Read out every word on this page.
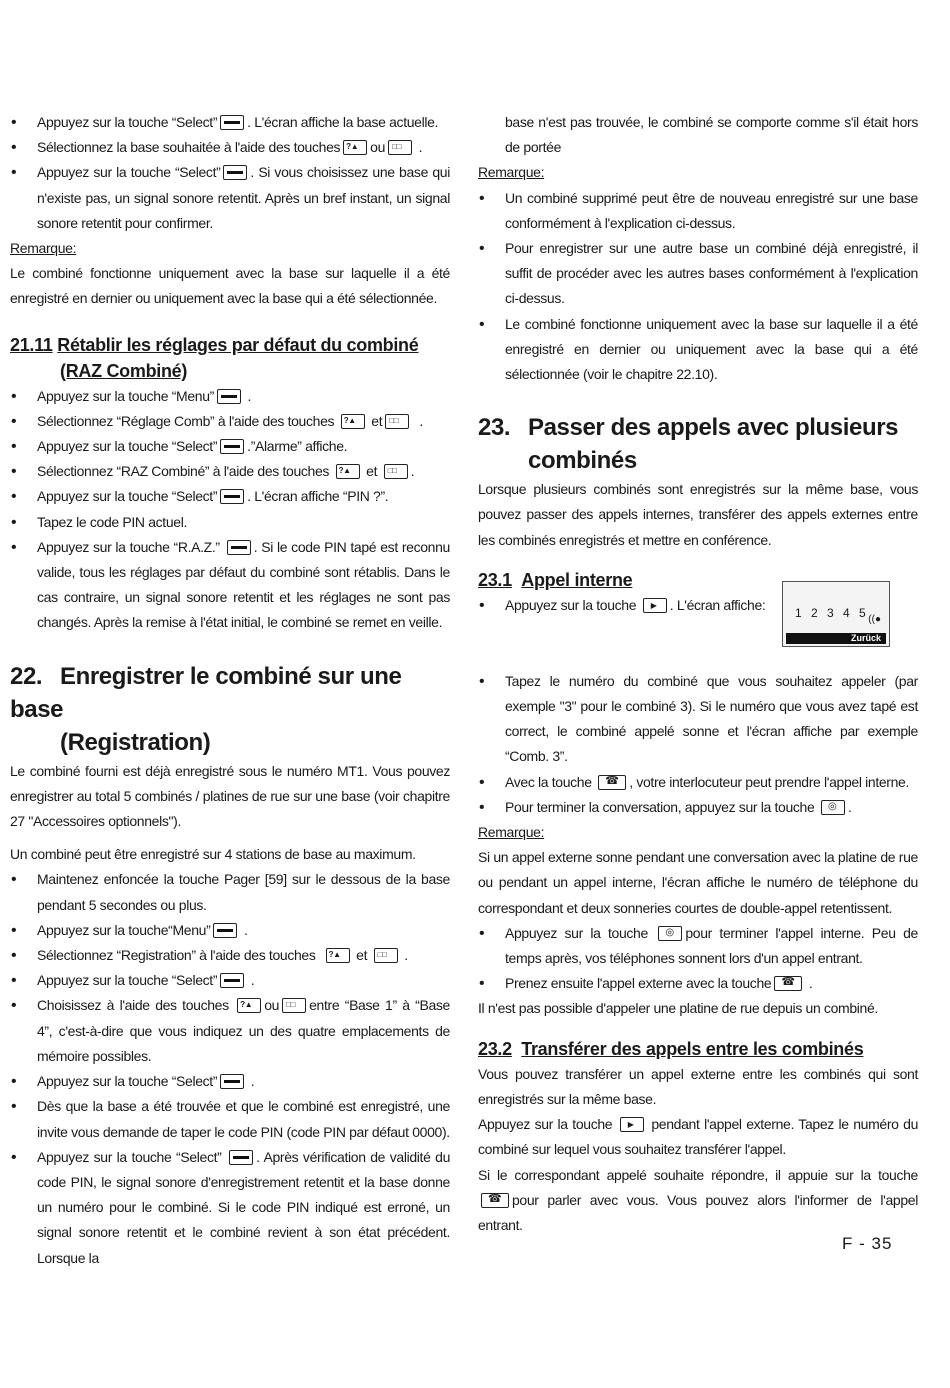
• Appuyez sur la touche “Select” . L'écran affiche la base actuelle.
• Sélectionnez la base souhaitée à l'aide des touches ?▲ ou□□ .
• Appuyez sur la touche “Select” . Si vous choisissez une base qui n'existe pas, un signal sonore retentit. Après un bref instant, un signal sonore retentit pour confirmer.
Remarque:
Le combiné fonctionne uniquement avec la base sur laquelle il a été enregistré en dernier ou uniquement avec la base qui a été sélectionnée.
21.11 Rétablir les réglages par défaut du combiné
(RAZ Combiné)
• Appuyez sur la touche “Menu” .
• Sélectionnez “Réglage Comb” à l'aide des touches ?▲	et□□	.
• Appuyez sur la touche “Select” .”Alarme” affiche.
• Sélectionnez “RAZ Combiné” à l'aide des touches ?▲	et □□ .
• Appuyez sur la touche “Select” . L'écran affiche “PIN ?”.
• Tapez le code PIN actuel.
• Appuyez sur la touche “R.A.Z.” . Si le code PIN tapé est reconnu valide, tous les réglages par défaut du combiné sont rétablis. Dans le cas contraire, un signal sonore retentit et les réglages ne sont pas changés. Après la remise à l'état initial, le combiné se remet en veille.
22. Enregistrer le combiné sur une base
(Registration)
Le combiné fourni est déjà enregistré sous le numéro MT1. Vous pouvez enregistrer au total 5 combinés / platines de rue sur une base (voir chapitre 27 "Accessoires optionnels").
Un combiné peut être enregistré sur 4 stations de base au maximum.
• Maintenez enfoncée la touche Pager [59] sur le dessous de la base pendant 5 secondes ou plus.
• Appuyez sur la touche“Menu” .
• Sélectionnez “Registration” à l'aide des touches ?▲	et □□	.
• Appuyez sur la touche “Select” .
• Choisissez à l'aide des touches ?▲	ou □□ entre “Base 1” à “Base 4”, c'est-à-dire que vous indiquez un des quatre emplacements de mémoire possibles.
• Appuyez sur la touche “Select” .
• Dès que la base a été trouvée et que le combiné est enregistré, une invite vous demande de taper le code PIN (code PIN par défaut 0000).
• Appuyez sur la touche “Select” . Après vérification de validité du code PIN, le signal sonore d'enregistrement retentit et la base donne un numéro pour le combiné. Si le code PIN indiqué est erroné, un signal sonore retentit et le combiné revient à son état précédent. Lorsque la
base n'est pas trouvée, le combiné se comporte comme s'il était hors de portée
Remarque:
• Un combiné supprimé peut être de nouveau enregistré sur une base conformément à l'explication ci-dessus.
• Pour enregistrer sur une autre base un combiné déjà enregistré, il suffit de procéder avec les autres bases conformément à l'explication ci-dessus.
• Le combiné fonctionne uniquement avec la base sur laquelle il a été enregistré en dernier ou uniquement avec la base qui a été sélectionnée (voir le chapitre 22.10).
23. Passer des appels avec plusieurs
combinés
Lorsque plusieurs combinés sont enregistrés sur la même base, vous pouvez passer des appels internes, transférer des appels externes entre les combinés enregistrés et mettre en conférence.
23.1 Appel interne
• Appuyez sur la touche ▶ . L'écran affiche:	1 2 3 4 5 ((●
Zurück
• Tapez le numéro du combiné que vous souhaitez appeler (par exemple "3" pour le combiné 3). Si le numéro que vous avez tapé est correct, le combiné appelé sonne et l'écran affiche par exemple “Comb. 3”.
• Avec la touche ☎	, votre interlocuteur peut prendre l'appel interne.
• Pour terminer la conversation, appuyez sur la touche ◎ .
Remarque:
Si un appel externe sonne pendant une conversation avec la platine de rue ou pendant un appel interne, l'écran affiche le numéro de téléphone du correspondant et deux sonneries courtes de double-appel retentissent.
• Appuyez sur la touche ◎	pour terminer l'appel interne. Peu de temps après, vos téléphones sonnent lors d'un appel entrant.
• Prenez ensuite l'appel externe avec la touche ☎	.
Il n'est pas possible d'appeler une platine de rue depuis un combiné.
23.2 Transférer des appels entre les combinés
Vous pouvez transférer un appel externe entre les combinés qui sont enregistrés sur la même base.
Appuyez sur la touche ▶	pendant l'appel externe. Tapez le numéro du combiné sur lequel vous souhaitez transférer l'appel.
Si le correspondant appelé souhaite répondre, il appuie sur la touche ☎pour parler avec vous. Vous pouvez alors l'informer de l'appel entrant.
F - 35
